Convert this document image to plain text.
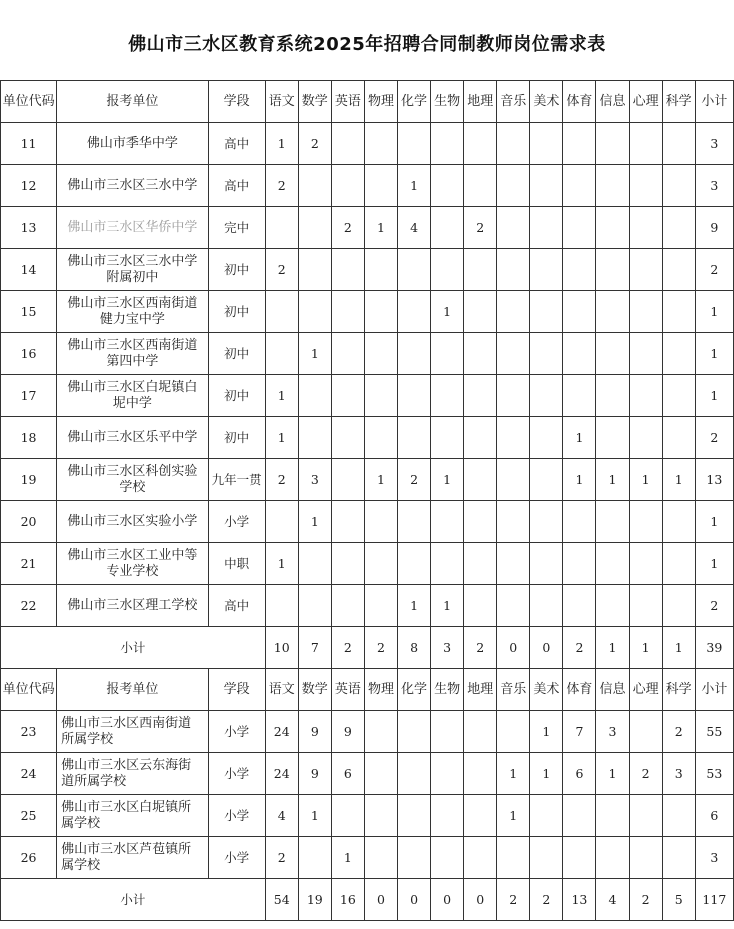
佛山市三水区教育系统2025年招聘合同制教师岗位需求表
单位代码	报考单位	学段	语文	数学	英语	物理	化学	生物	地理	音乐	美术	体育	信息	心理	科学	小计
11	佛山市季华中学	高中	1	2												3
12	佛山市三水区三水中学	高中	2				1									3
13	佛山市三水区华侨中学	完中			2	1	4		2							9
14	佛山市三水区三水中学附属初中	初中	2													2
15	佛山市三水区西南街道健力宝中学	初中						1								1
16	佛山市三水区西南街道第四中学	初中		1												1
17	佛山市三水区白坭镇白坭中学	初中	1													1
18	佛山市三水区乐平中学	初中	1									1				2
19	佛山市三水区科创实验学校	九年一贯	2	3		1	2	1				1	1	1	1	13
20	佛山市三水区实验小学	小学		1												1
21	佛山市三水区工业中等专业学校	中职	1													1
22	佛山市三水区理工学校	高中					1	1								2
小计			10	7	2	2	8	3	2	0	0	2	1	1	1	39
单位代码	报考单位	学段	语文	数学	英语	物理	化学	生物	地理	音乐	美术	体育	信息	心理	科学	小计
23	佛山市三水区西南街道所属学校	小学	24	9	9						1	7	3		2	55
24	佛山市三水区云东海街道所属学校	小学	24	9	6					1	1	6	1	2	3	53
25	佛山市三水区白坭镇所属学校	小学	4	1						1						6
26	佛山市三水区芦苞镇所属学校	小学	2		1											3
小计			54	19	16	0	0	0	0	2	2	13	4	2	5	117
